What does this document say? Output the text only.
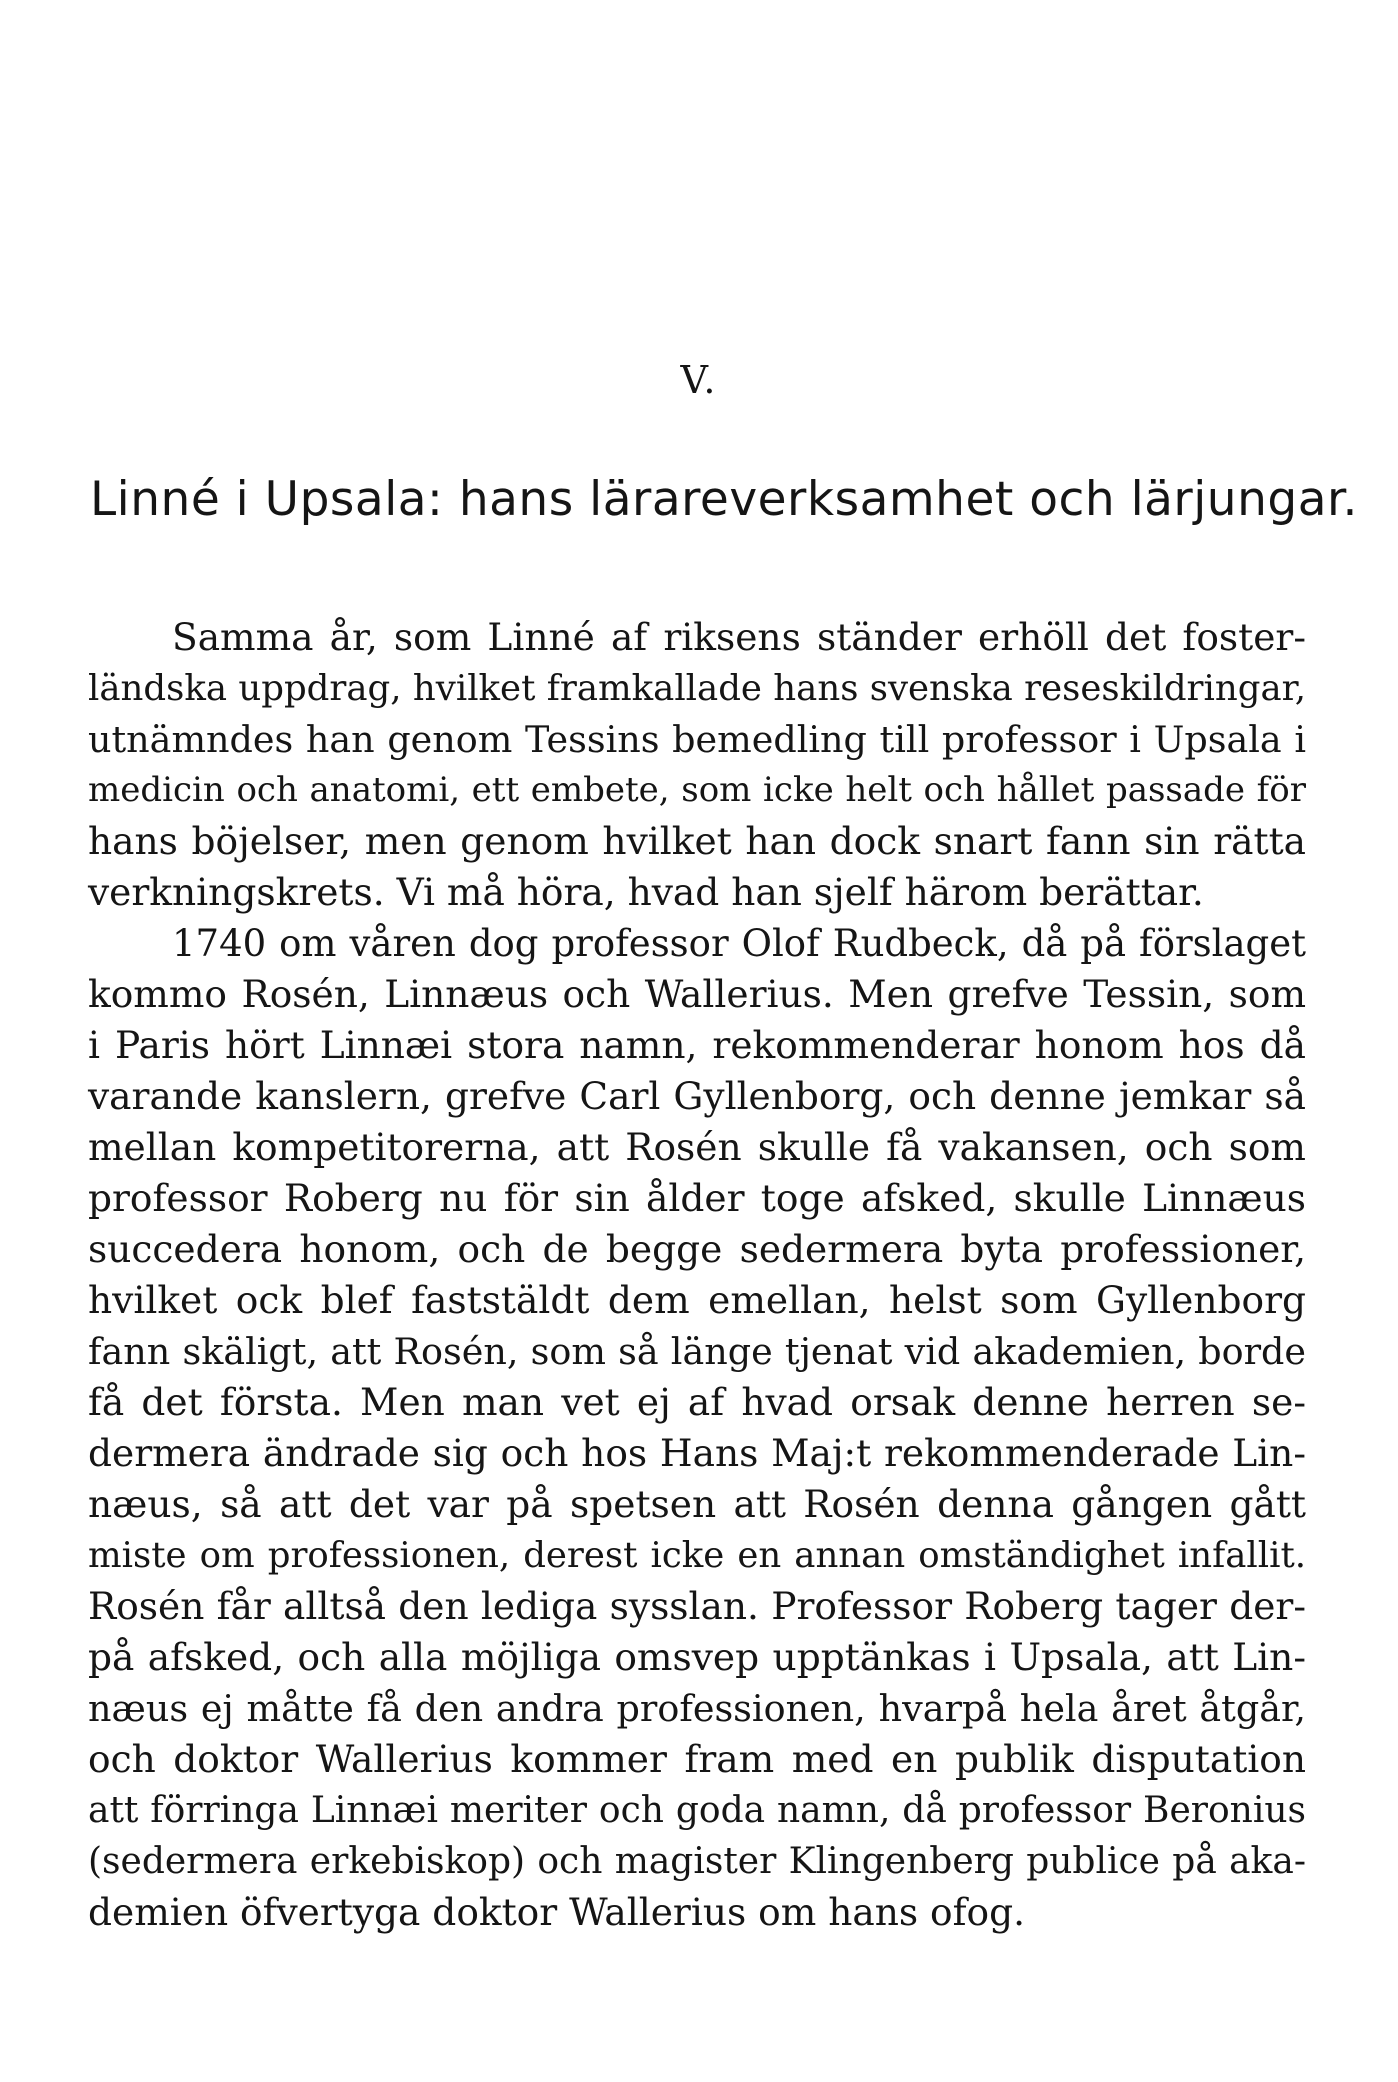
V.
Linné i Upsala: hans lärareverksamhet och lärjungar.
Samma år, som Linné af riksens ständer erhöll det foster-
ländska uppdrag, hvilket framkallade hans svenska reseskildringar,
utnämndes han genom Tessins bemedling till professor i Upsala i
medicin och anatomi, ett embete, som icke helt och hållet passade för
hans böjelser, men genom hvilket han dock snart fann sin rätta
verkningskrets. Vi må höra, hvad han sjelf härom berättar.
1740 om våren dog professor Olof Rudbeck, då på förslaget
kommo Rosén, Linnæus och Wallerius. Men grefve Tessin, som
i Paris hört Linnæi stora namn, rekommenderar honom hos då
varande kanslern, grefve Carl Gyllenborg, och denne jemkar så
mellan kompetitorerna, att Rosén skulle få vakansen, och som
professor Roberg nu för sin ålder toge afsked, skulle Linnæus
succedera honom, och de begge sedermera byta professioner,
hvilket ock blef faststäldt dem emellan, helst som Gyllenborg
fann skäligt, att Rosén, som så länge tjenat vid akademien, borde
få det första. Men man vet ej af hvad orsak denne herren se-
dermera ändrade sig och hos Hans Maj:t rekommenderade Lin-
næus, så att det var på spetsen att Rosén denna gången gått
miste om professionen, derest icke en annan omständighet infallit.
Rosén får alltså den lediga sysslan. Professor Roberg tager der-
på afsked, och alla möjliga omsvep upptänkas i Upsala, att Lin-
næus ej måtte få den andra professionen, hvarpå hela året åtgår,
och doktor Wallerius kommer fram med en publik disputation
att förringa Linnæi meriter och goda namn, då professor Beronius
(sedermera erkebiskop) och magister Klingenberg publice på aka-
demien öfvertyga doktor Wallerius om hans ofog.
